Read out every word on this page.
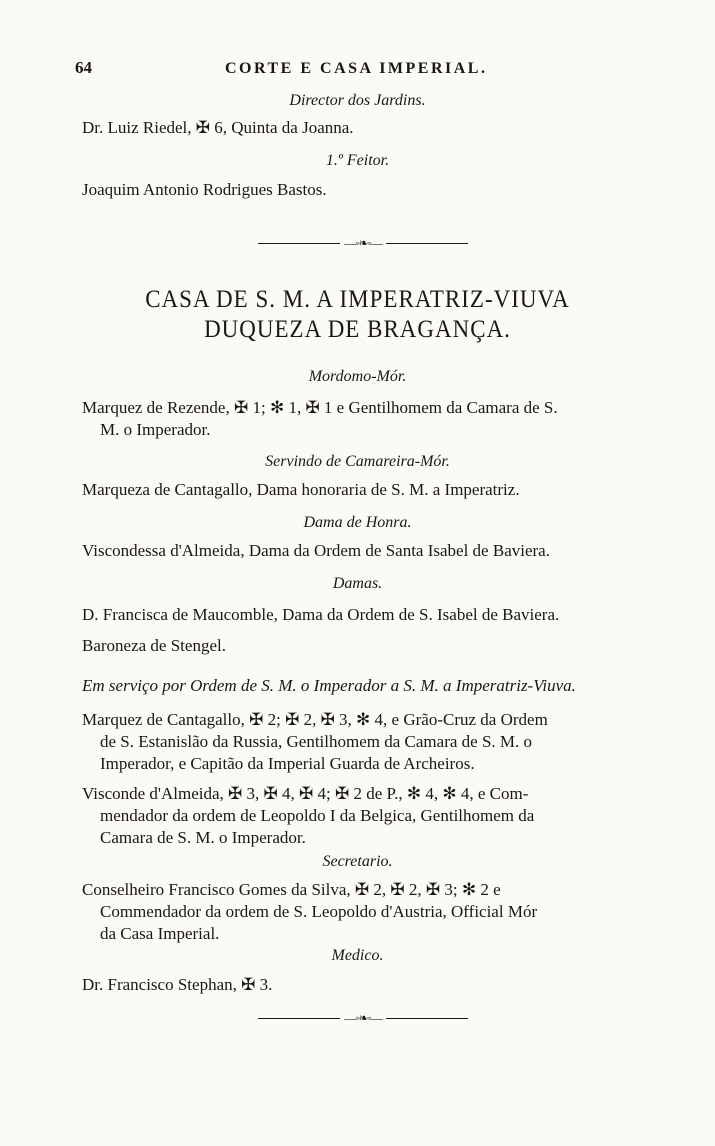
64	CORTE E CASA IMPERIAL.
ﾠ
Director dos Jardins.
Dr. Luiz Riedel, ✠ 6, Quinta da Joanna.
1.º Feitor.
Joaquim Antonio Rodrigues Bastos.
—◦❧◦—
CASA DE S. M. A IMPERATRIZ-VIUVA
DUQUEZA DE BRAGANÇA.
Mordomo-Mór.
Marquez de Rezende, ✠ 1; ✻ 1, ✠ 1 e Gentilhomem da Camara de S.
M. o Imperador.
Servindo de Camareira-Mór.
Marqueza de Cantagallo, Dama honoraria de S. M. a Imperatriz.
Dama de Honra.
Viscondessa d'Almeida, Dama da Ordem de Santa Isabel de Baviera.
Damas.
D. Francisca de Maucomble, Dama da Ordem de S. Isabel de Baviera.
Baroneza de Stengel.
Em serviço por Ordem de S. M. o Imperador a S. M. a Imperatriz-Viuva.
Marquez de Cantagallo, ✠ 2; ✠ 2, ✠ 3, ✻ 4, e Grão-Cruz da Ordem
de S. Estanislão da Russia, Gentilhomem da Camara de S. M. o
Imperador, e Capitão da Imperial Guarda de Archeiros.
Visconde d'Almeida, ✠ 3, ✠ 4, ✠ 4; ✠ 2 de P., ✻ 4, ✻ 4, e Com-
mendador da ordem de Leopoldo I da Belgica, Gentilhomem da
Camara de S. M. o Imperador.
Secretario.
Conselheiro Francisco Gomes da Silva, ✠ 2, ✠ 2, ✠ 3; ✻ 2 e
Commendador da ordem de S. Leopoldo d'Austria, Official Mór
da Casa Imperial.
Medico.
Dr. Francisco Stephan, ✠ 3.
—◦❧◦—
